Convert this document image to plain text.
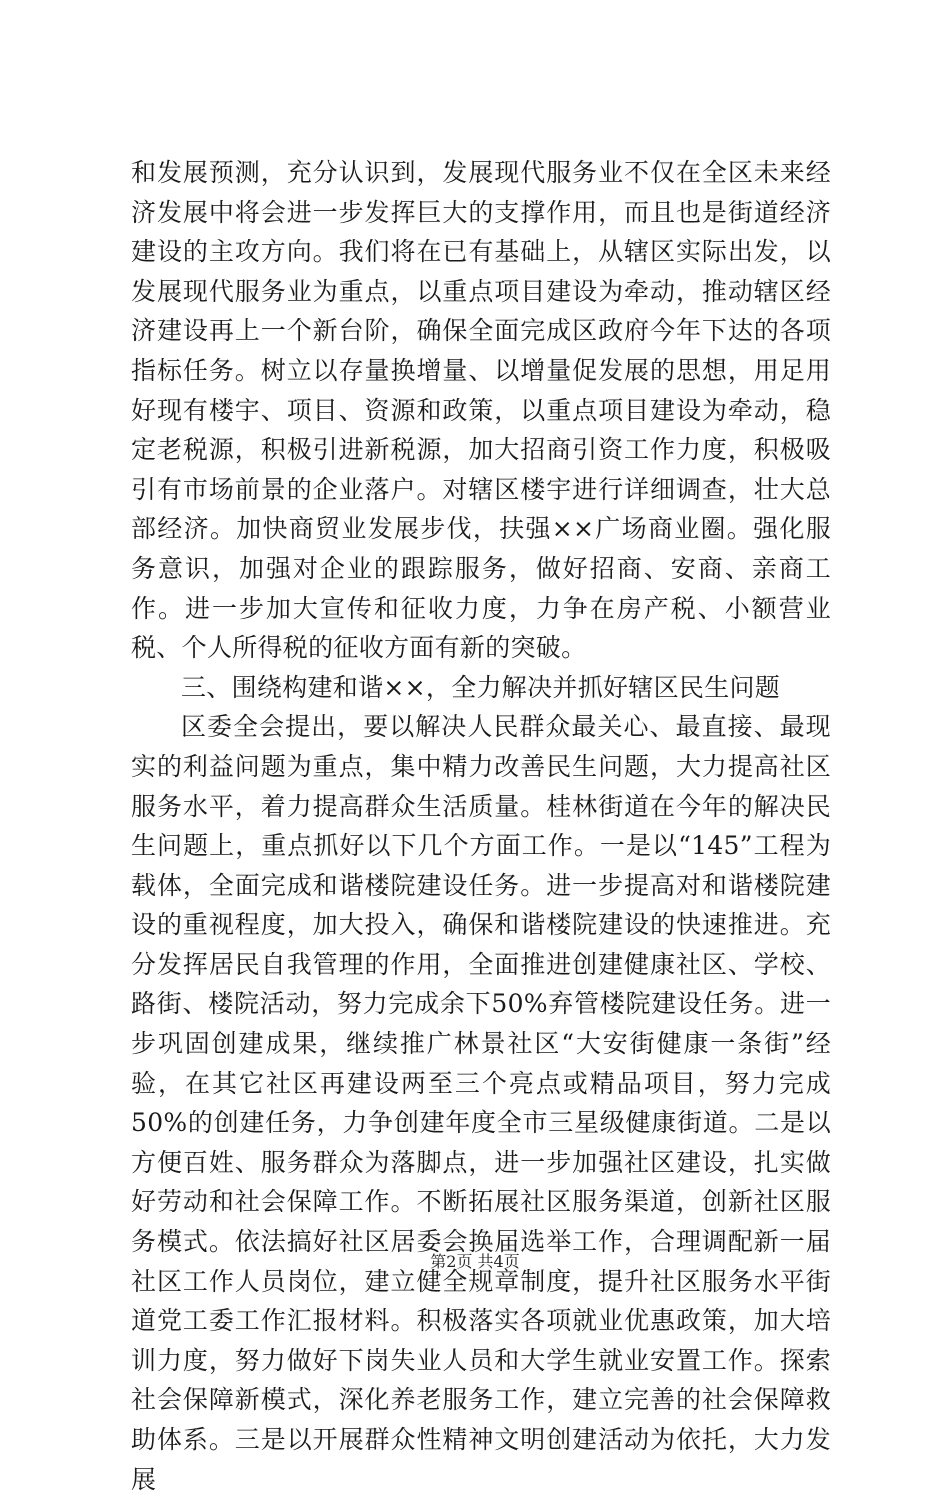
和发展预测，充分认识到，发展现代服务业不仅在全区未来经济发展中将会进一步发挥巨大的支撑作用，而且也是街道经济建设的主攻方向。我们将在已有基础上，从辖区实际出发，以发展现代服务业为重点，以重点项目建设为牵动，推动辖区经济建设再上一个新台阶，确保全面完成区政府今年下达的各项指标任务。树立以存量换增量、以增量促发展的思想，用足用好现有楼宇、项目、资源和政策，以重点项目建设为牵动，稳定老税源，积极引进新税源，加大招商引资工作力度，积极吸引有市场前景的企业落户。对辖区楼宇进行详细调查，壮大总部经济。加快商贸业发展步伐，扶强××广场商业圈。强化服务意识，加强对企业的跟踪服务，做好招商、安商、亲商工作。进一步加大宣传和征收力度，力争在房产税、小额营业税、个人所得税的征收方面有新的突破。

三、围绕构建和谐××，全力解决并抓好辖区民生问题

区委全会提出，要以解决人民群众最关心、最直接、最现实的利益问题为重点，集中精力改善民生问题，大力提高社区服务水平，着力提高群众生活质量。桂林街道在今年的解决民生问题上，重点抓好以下几个方面工作。一是以“145”工程为载体，全面完成和谐楼院建设任务。进一步提高对和谐楼院建设的重视程度，加大投入，确保和谐楼院建设的快速推进。充分发挥居民自我管理的作用，全面推进创建健康社区、学校、路街、楼院活动，努力完成余下50%弃管楼院建设任务。进一步巩固创建成果，继续推广林景社区“大安街健康一条街”经验，在其它社区再建设两至三个亮点或精品项目，努力完成50%的创建任务，力争创建年度全市三星级健康街道。二是以方便百姓、服务群众为落脚点，进一步加强社区建设，扎实做好劳动和社会保障工作。不断拓展社区服务渠道，创新社区服务模式。依法搞好社区居委会换届选举工作，合理调配新一届社区工作人员岗位，建立健全规章制度，提升社区服务水平街道党工委工作汇报材料。积极落实各项就业优惠政策，加大培训力度，努力做好下岗失业人员和大学生就业安置工作。探索社会保障新模式，深化养老服务工作，建立完善的社会保障救助体系。三是以开展群众性精神文明创建活动为依托，大力发展

第2页 共4页
